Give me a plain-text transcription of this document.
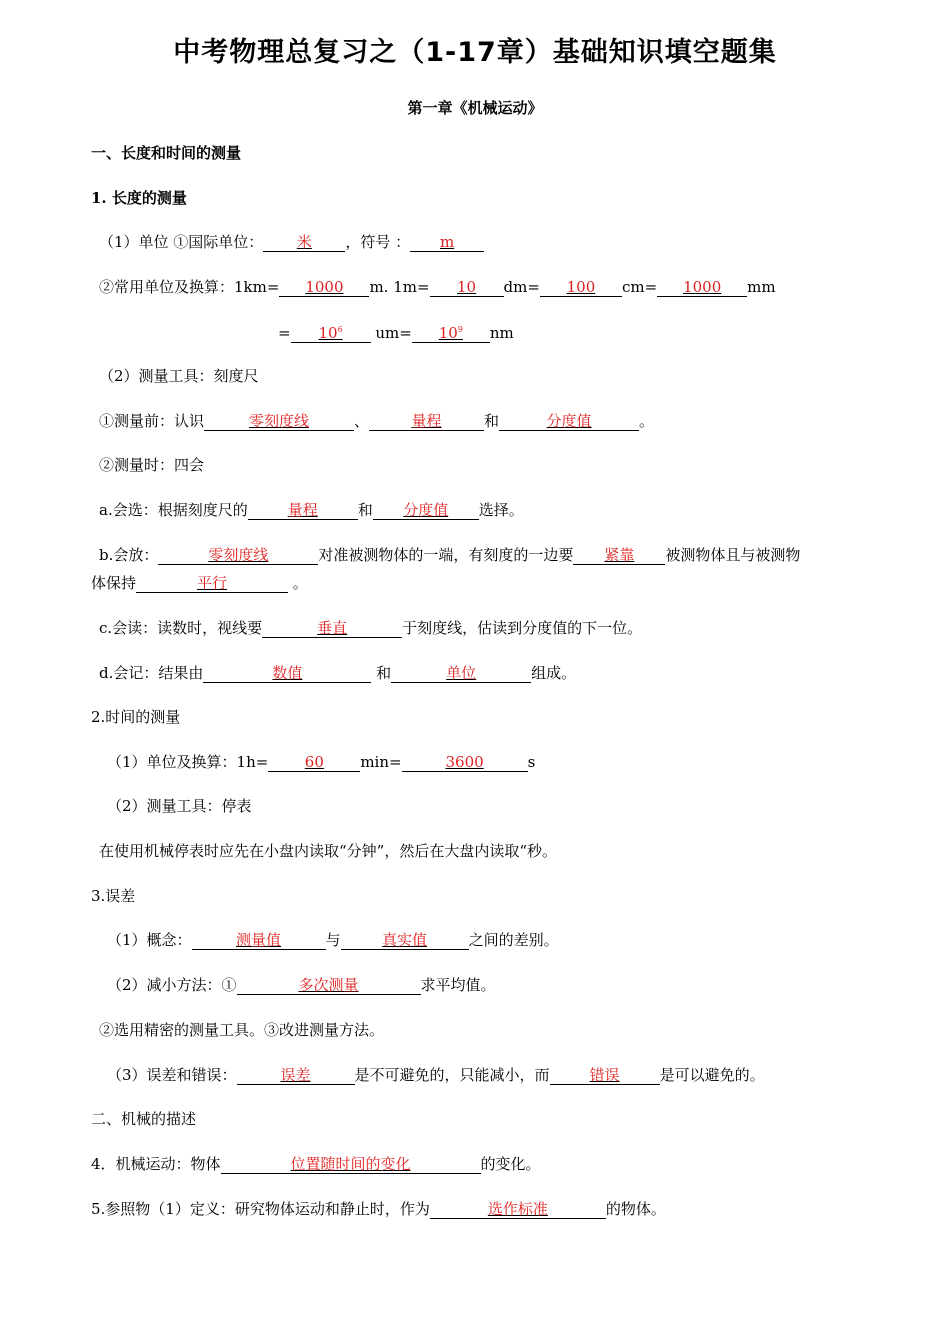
中考物理总复习之（1-17章）基础知识填空题集
第一章《机械运动》
一、长度和时间的测量
1. 长度的测量
（1）单位 ①国际单位： 米 ，符号 ： m
②常用单位及换算：1km= 1000 m. 1m= 10 dm= 100 cm= 1000 mm
= $10^6$ $um= 10^9$ nm
（2）测量工具：刻度尺
①测量前：认识	零刻度线	、	量程	和	分度值	。
②测量时：四会
a.会选：根据刻度尺的	量程	和 分度值 选择。
b.会放：	零刻度线	对准被测物体的一端，有刻度的一边要 紧靠 被测物体且与被测物
体保持	平行	。
c.会读：读数时，视线要	垂直	于刻度线，估读到分度值的下一位。
d.会记：结果由	数值	和	单位	组成。
2.时间的测量
（1）单位及换算：1h= 60 min=	3600	s
（2）测量工具：停表
在使用机械停表时应先在小盘内读取“分钟”，然后在大盘内读取“秒。
3.误差
（1）概念：	测量值	与	真实值	之间的差别。
（2）减小方法：①	多次测量	求平均值。
②选用精密的测量工具。③改进测量方法。
（3）误差和错误：	误差	是不可避免的，只能减小，而	错误	是可以避免的。
二、机械的描述
4．机械运动：物体	位置随时间的变化	的变化。
5.参照物（1）定义：研究物体运动和静止时，作为	选作标准	的物体。
